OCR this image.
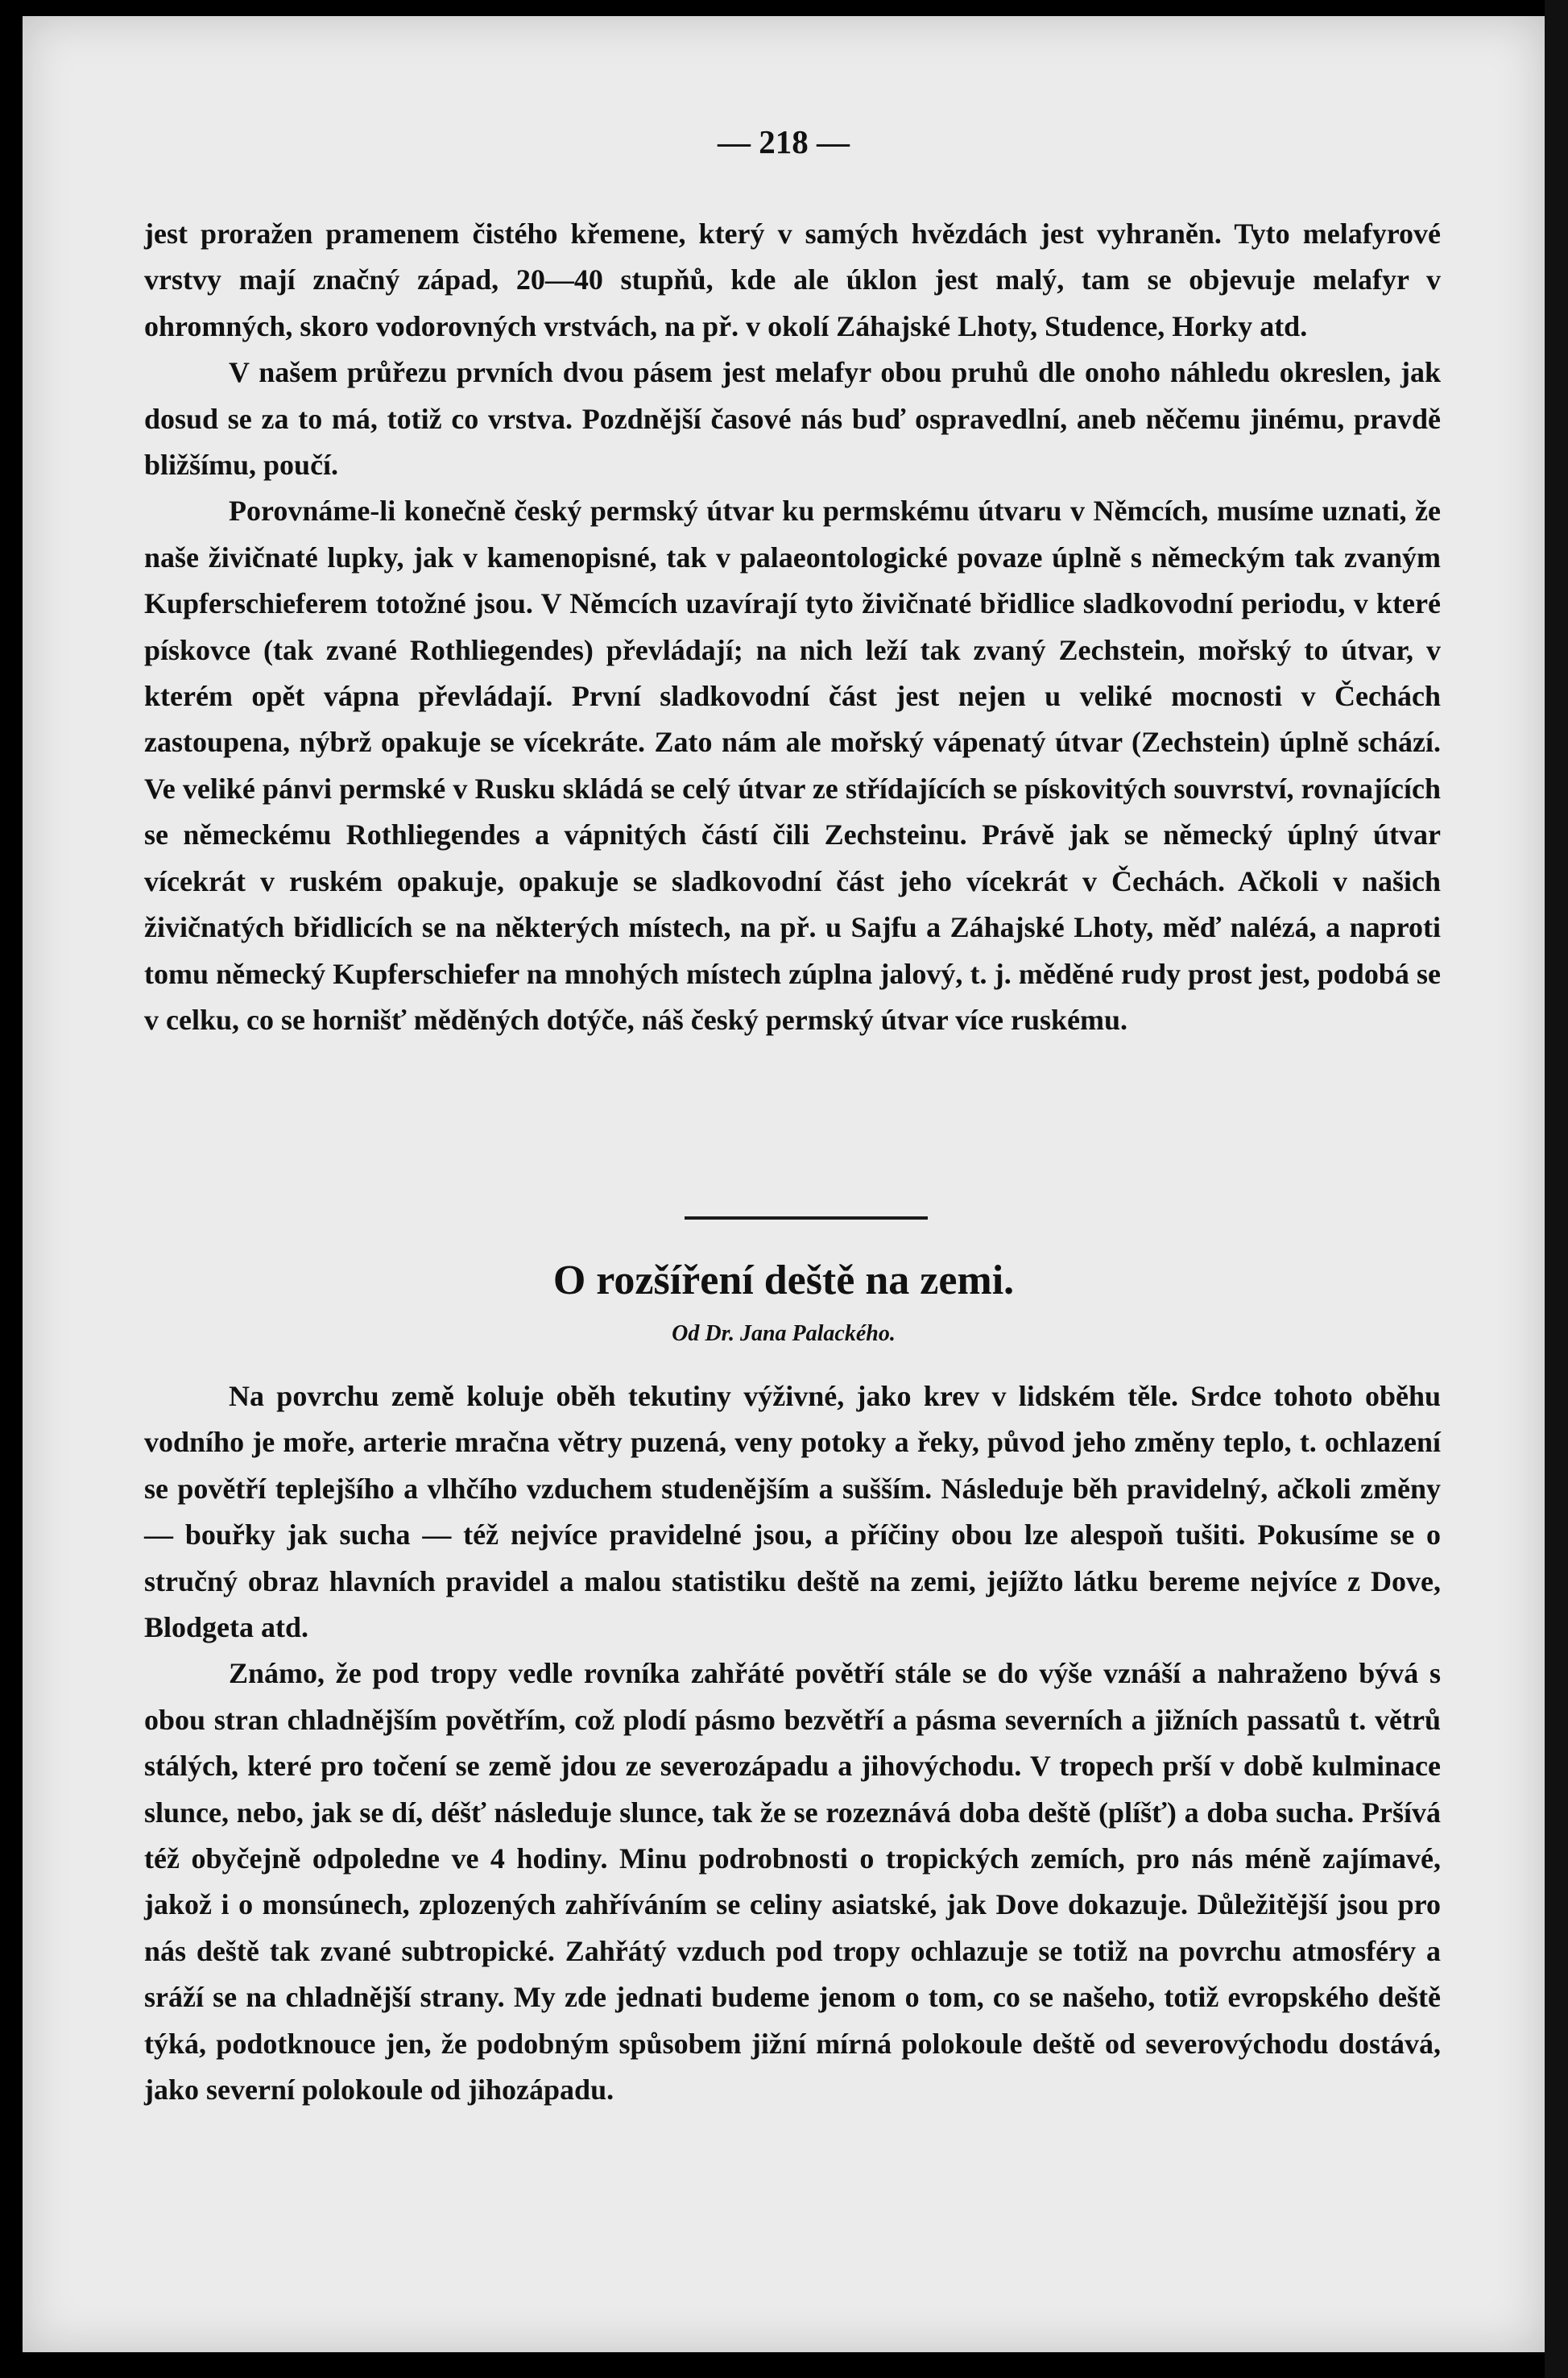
— 218 —

jest proražen pramenem čistého křemene, který v samých hvězdách jest vyhraněn. Tyto melafyrové vrstvy mají značný západ, 20—40 stupňů, kde ale úklon jest malý, tam se objevuje melafyr v ohromných, skoro vodorovných vrstvách, na př. v okolí Záhajské Lhoty, Studence, Horky atd.

V našem průřezu prvních dvou pásem jest melafyr obou pruhů dle onoho náhledu okreslen, jak dosud se za to má, totiž co vrstva. Pozdnější časové nás buď ospravedlní, aneb něčemu jinému, pravdě bližšímu, poučí.

Porovnáme-li konečně český permský útvar ku permskému útvaru v Němcích, musíme uznati, že naše živičnaté lupky, jak v kamenopisné, tak v palaeontologické povaze úplně s německým tak zvaným Kupferschieferem totožné jsou. V Němcích uzavírají tyto živičnaté břidlice sladkovodní periodu, v které pískovce (tak zvané Rothliegendes) převládají; na nich leží tak zvaný Zechstein, mořský to útvar, v kterém opět vápna převládají. První sladkovodní část jest nejen u veliké mocnosti v Čechách zastoupena, nýbrž opakuje se vícekráte. Zato nám ale mořský vápenatý útvar (Zechstein) úplně schází. Ve veliké pánvi permské v Rusku skládá se celý útvar ze střídajících se pískovitých souvrství, rovnajících se německému Rothliegendes a vápnitých částí čili Zechsteinu. Právě jak se německý úplný útvar vícekrát v ruském opakuje, opakuje se sladkovodní část jeho vícekrát v Čechách. Ačkoli v našich živičnatých břidlicích se na některých místech, na př. u Sajfu a Záhajské Lhoty, měď nalézá, a naproti tomu německý Kupferschiefer na mnohých místech zúplna jalový, t. j. měděné rudy prost jest, podobá se v celku, co se hornišť měděných dotýče, náš český permský útvar více ruskému.

O rozšíření deště na zemi.
Od Dr. Jana Palackého.

Na povrchu země koluje oběh tekutiny výživné, jako krev v lidském těle. Srdce tohoto oběhu vodního je moře, arterie mračna větry puzená, veny potoky a řeky, původ jeho změny teplo, t. ochlazení se povětří teplejšího a vlhčího vzduchem studenějším a sušším. Následuje běh pravidelný, ačkoli změny — bouřky jak sucha — též nejvíce pravidelné jsou, a příčiny obou lze alespoň tušiti. Pokusíme se o stručný obraz hlavních pravidel a malou statistiku deště na zemi, jejížto látku bereme nejvíce z Dove, Blodgeta atd.

Známo, že pod tropy vedle rovníka zahřáté povětří stále se do výše vznáší a nahraženo bývá s obou stran chladnějším povětřím, což plodí pásmo bezvětří a pásma severních a jižních passatů t. větrů stálých, které pro točení se země jdou ze severozápadu a jihovýchodu. V tropech prší v době kulminace slunce, nebo, jak se dí, déšť následuje slunce, tak že se rozeznává doba deště (plíšť) a doba sucha. Pršívá též obyčejně odpoledne ve 4 hodiny. Minu podrobnosti o tropických zemích, pro nás méně zajímavé, jakož i o monsúnech, zplozených zahříváním se celiny asiatské, jak Dove dokazuje. Důležitější jsou pro nás deště tak zvané subtropické. Zahřátý vzduch pod tropy ochlazuje se totiž na povrchu atmosféry a sráží se na chladnější strany. My zde jednati budeme jenom o tom, co se našeho, totiž evropského deště týká, podotknouce jen, že podobným spůsobem jižní mírná polokoule deště od severovýchodu dostává, jako severní polokoule od jihozápadu.
